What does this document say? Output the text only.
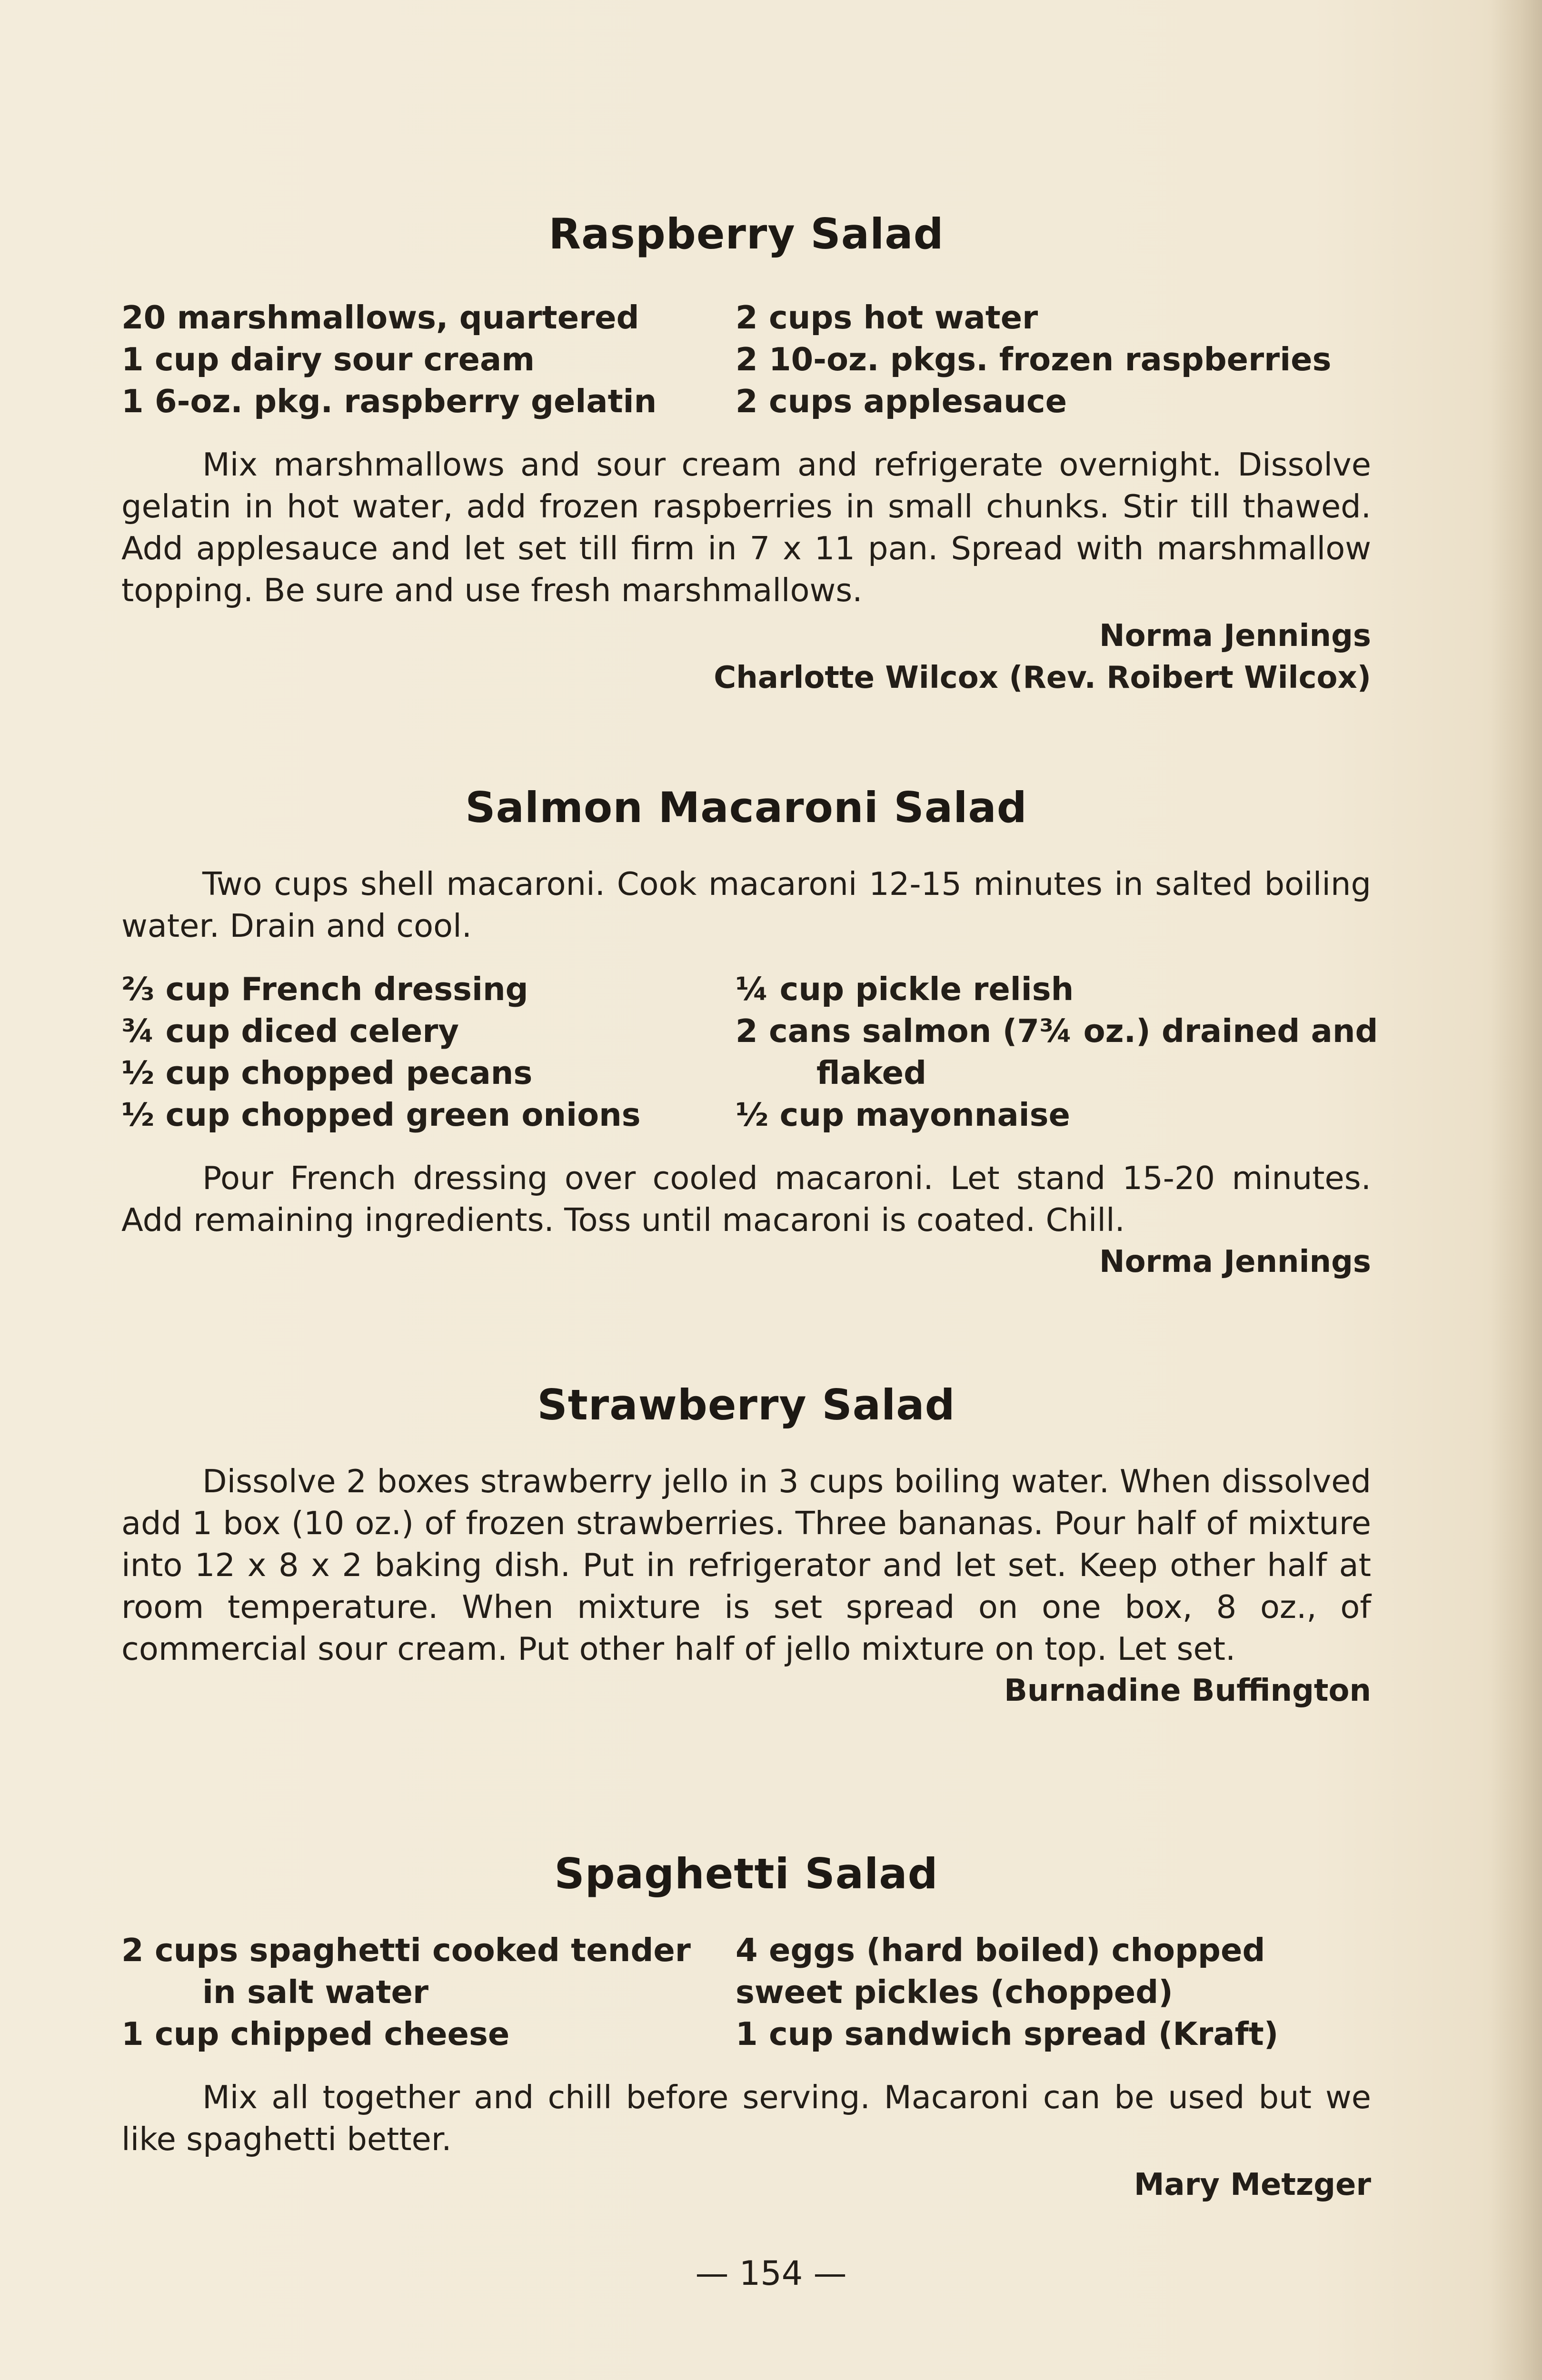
Raspberry Salad
20 marshmallows, quartered
1 cup dairy sour cream
1 6-oz. pkg. raspberry gelatin
2 cups hot water
2 10-oz. pkgs. frozen raspberries
2 cups applesauce

Mix marshmallows and sour cream and refrigerate overnight. Dissolve gelatin in hot water, add frozen raspberries in small chunks. Stir till thawed. Add applesauce and let set till firm in 7 x 11 pan. Spread with marshmallow topping. Be sure and use fresh marshmallows.

Norma Jennings
Charlotte Wilcox (Rev. Roibert Wilcox)
Salmon Macaroni Salad

Two cups shell macaroni. Cook macaroni 12-15 minutes in salted boiling water. Drain and cool.

⅔ cup French dressing
¾ cup diced celery
½ cup chopped pecans
½ cup chopped green onions
¼ cup pickle relish
2 cans salmon (7¾ oz.) drained and
flaked
½ cup mayonnaise

Pour French dressing over cooled macaroni. Let stand 15-20 minutes. Add remaining ingredients. Toss until macaroni is coated. Chill.

Norma Jennings
Strawberry Salad

Dissolve 2 boxes strawberry jello in 3 cups boiling water. When dissolved add 1 box (10 oz.) of frozen strawberries. Three bananas. Pour half of mixture into 12 x 8 x 2 baking dish. Put in refrigerator and let set. Keep other half at room temperature. When mixture is set spread on one box, 8 oz., of commercial sour cream. Put other half of jello mixture on top. Let set.

Burnadine Buffington
Spaghetti Salad
2 cups spaghetti cooked tender
in salt water
1 cup chipped cheese
4 eggs (hard boiled) chopped
sweet pickles (chopped)
1 cup sandwich spread (Kraft)

Mix all together and chill before serving. Macaroni can be used but we like spaghetti better.

Mary Metzger
— 154 —
